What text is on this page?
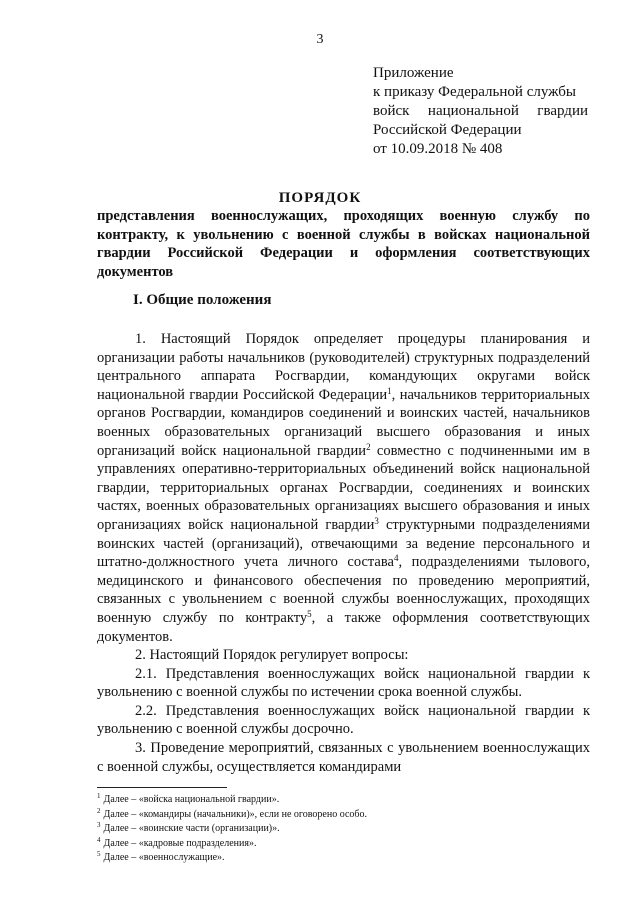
3
Приложение
к приказу Федеральной службы
войск национальной гвардии
Российской Федерации
от 10.09.2018 № 408
ПОРЯДОК
представления военнослужащих, проходящих военную службу по контракту, к увольнению с военной службы в войсках национальной гвардии Российской Федерации и оформления соответствующих документов
I. Общие положения

1. Настоящий Порядок определяет процедуры планирования и организации работы начальников (руководителей) структурных подразделений центрального аппарата Росгвардии, командующих округами войск национальной гвардии Российской Федерации$^1$, начальников территориальных органов Росгвардии, командиров соединений и воинских частей, начальников военных образовательных организаций высшего образования и иных организаций войск национальной гвардии$^2$ совместно с подчиненными им в управлениях оперативно-территориальных объединений войск национальной гвардии, территориальных органах Росгвардии, соединениях и воинских частях, военных образовательных организациях высшего образования и иных организациях войск национальной гвардии$^3$ структурными подразделениями воинских частей (организаций), отвечающими за ведение персонального и штатно-должностного учета личного состава$^4$, подразделениями тылового, медицинского и финансового обеспечения по проведению мероприятий, связанных с увольнением с военной службы военнослужащих, проходящих военную службу по контракту$^5$, а также оформления соответствующих документов.

2. Настоящий Порядок регулирует вопросы:

2.1. Представления военнослужащих войск национальной гвардии к увольнению с военной службы по истечении срока военной службы.

2.2. Представления военнослужащих войск национальной гвардии к увольнению с военной службы досрочно.

3. Проведение мероприятий, связанных с увольнением военнослужащих с военной службы, осуществляется командирами

$^1$ Далее – «войска национальной гвардии».
$^2$ Далее – «командиры (начальники)», если не оговорено особо.
$^3$ Далее – «воинские части (организации)».
$^4$ Далее – «кадровые подразделения».
$^5$ Далее – «военнослужащие».
